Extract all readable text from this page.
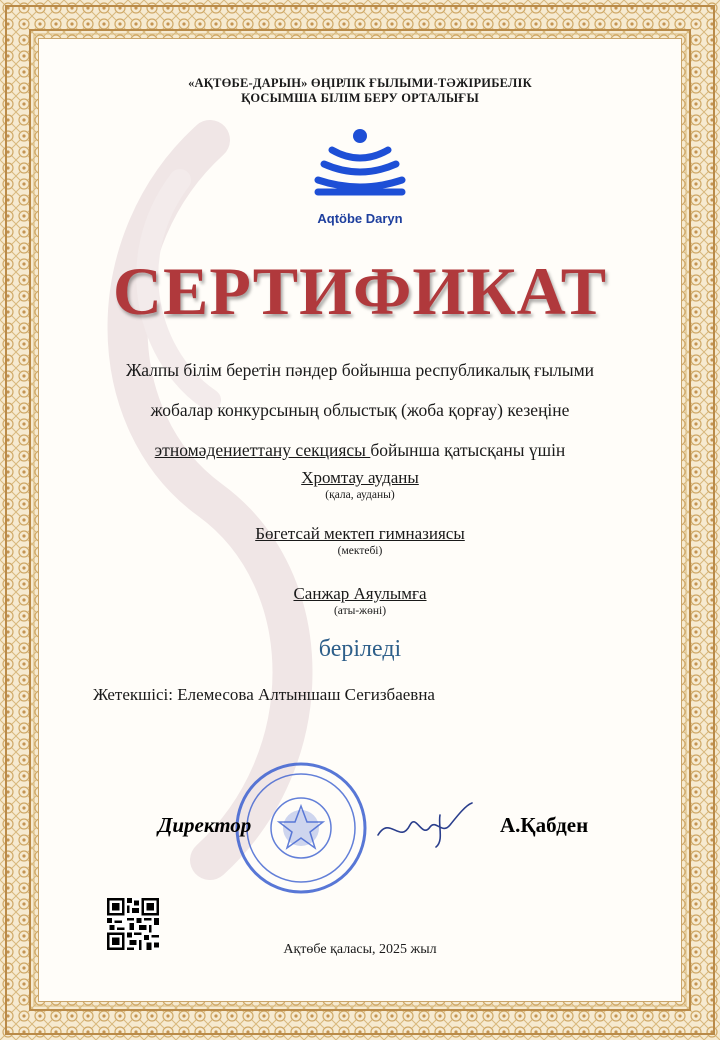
«АҚТӨБЕ-ДАРЫН» ӨҢІРЛІК ҒЫЛЫМИ-ТӘЖІРИБЕЛІК
ҚОСЫМША БІЛІМ БЕРУ ОРТАЛЫҒЫ
Aqtöbe Daryn
СЕРТИФИКАТ
Жалпы білім беретін пәндер бойынша республикалық ғылыми
жобалар конкурсының облыстық (жоба қорғау) кезеңіне
этномәдениеттану секциясы бойынша қатысқаны үшін
Хромтау ауданы
(қала, ауданы)
Бөгетсай мектеп гимназиясы
(мектебі)
Санжар Аяулымға
(аты-жөні)
беріледі
Жетекшісі: Елемесова Алтыншаш Сегизбаевна
Директор	А.Қабден
Ақтөбе қаласы, 2025 жыл
